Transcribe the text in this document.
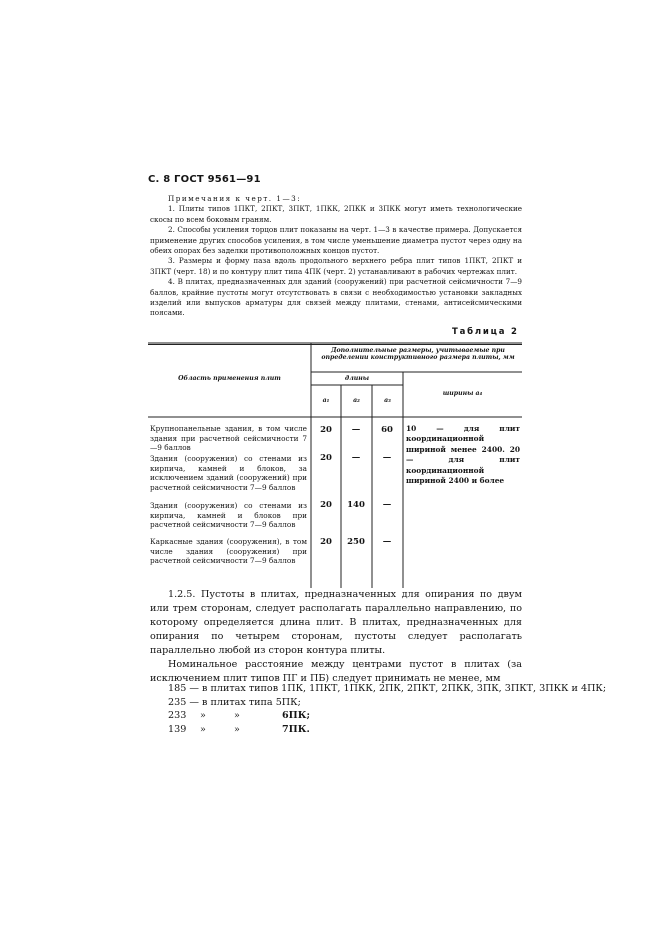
С. 8 ГОСТ 9561—91

Примечания к черт. 1—3:

1. Плиты типов 1ПКТ, 2ПКТ, 3ПКТ, 1ПКК, 2ПКК и 3ПКК могут иметь технологические скосы по всем боковым граням.

2. Способы усиления торцов плит показаны на черт. 1—3 в качестве примера. Допускается применение других способов усиления, в том числе уменьшение диаметра пустот через одну на обеих опорах без заделки противоположных концов пустот.

3. Размеры и форму паза вдоль продольного верхнего ребра плит типов 1ПКТ, 2ПКТ и 3ПКТ (черт. 18) и по контуру плит типа 4ПК (черт. 2) устанавливают в рабочих чертежах плит.

4. В плитах, предназначенных для зданий (сооружений) при расчетной сейсмичности 7—9 баллов, крайние пустоты могут отсутствовать в связи с необходимостью установки закладных изделий или выпусков арматуры для связей между плитами, стенами, антисейсмическими поясами.

Таблица 2
Область применения плит
Дополнительные размеры, учитываемые при определении конструктивного размера плиты, мм
длины
a₁	a₂	a₃
ширины a₄
Крупнопанельные здания, в том числе здания при расчетной сейсмичности 7—9 баллов
20	—	60
Здания (сооружения) со стенами из кирпича, камней и блоков, за исключением зданий (сооружений) при расчетной сейсмичности 7—9 баллов
20	—	—
Здания (сооружения) со стенами из кирпича, камней и блоков при расчетной сейсмичности 7—9 баллов
20	140	—
Каркасные здания (сооружения), в том числе здания (сооружения) при расчетной сейсмичности 7—9 баллов
20	250	—
10 — для плит координационной шириной менее 2400. 20 — для плит координационной шириной 2400 и более

1.2.5. Пустоты в плитах, предназначенных для опирания по двум или трем сторонам, следует располагать параллельно направлению, по которому определяется длина плит. В плитах, предназначенных для опирания по четырем сторонам, пустоты следует располагать параллельно любой из сторон контура плиты.

Номинальное расстояние между центрами пустот в плитах (за исключением плит типов ПГ и ПБ) следует принимать не менее, мм

185 — в плитах типов 1ПК, 1ПКТ, 1ПКК, 2ПК, 2ПКТ, 2ПКК, 3ПК, 3ПКТ, 3ПКК и 4ПК;
235 — в плитах типа 5ПК;
233 »	»	6ПК;
139 »	»	7ПК.
